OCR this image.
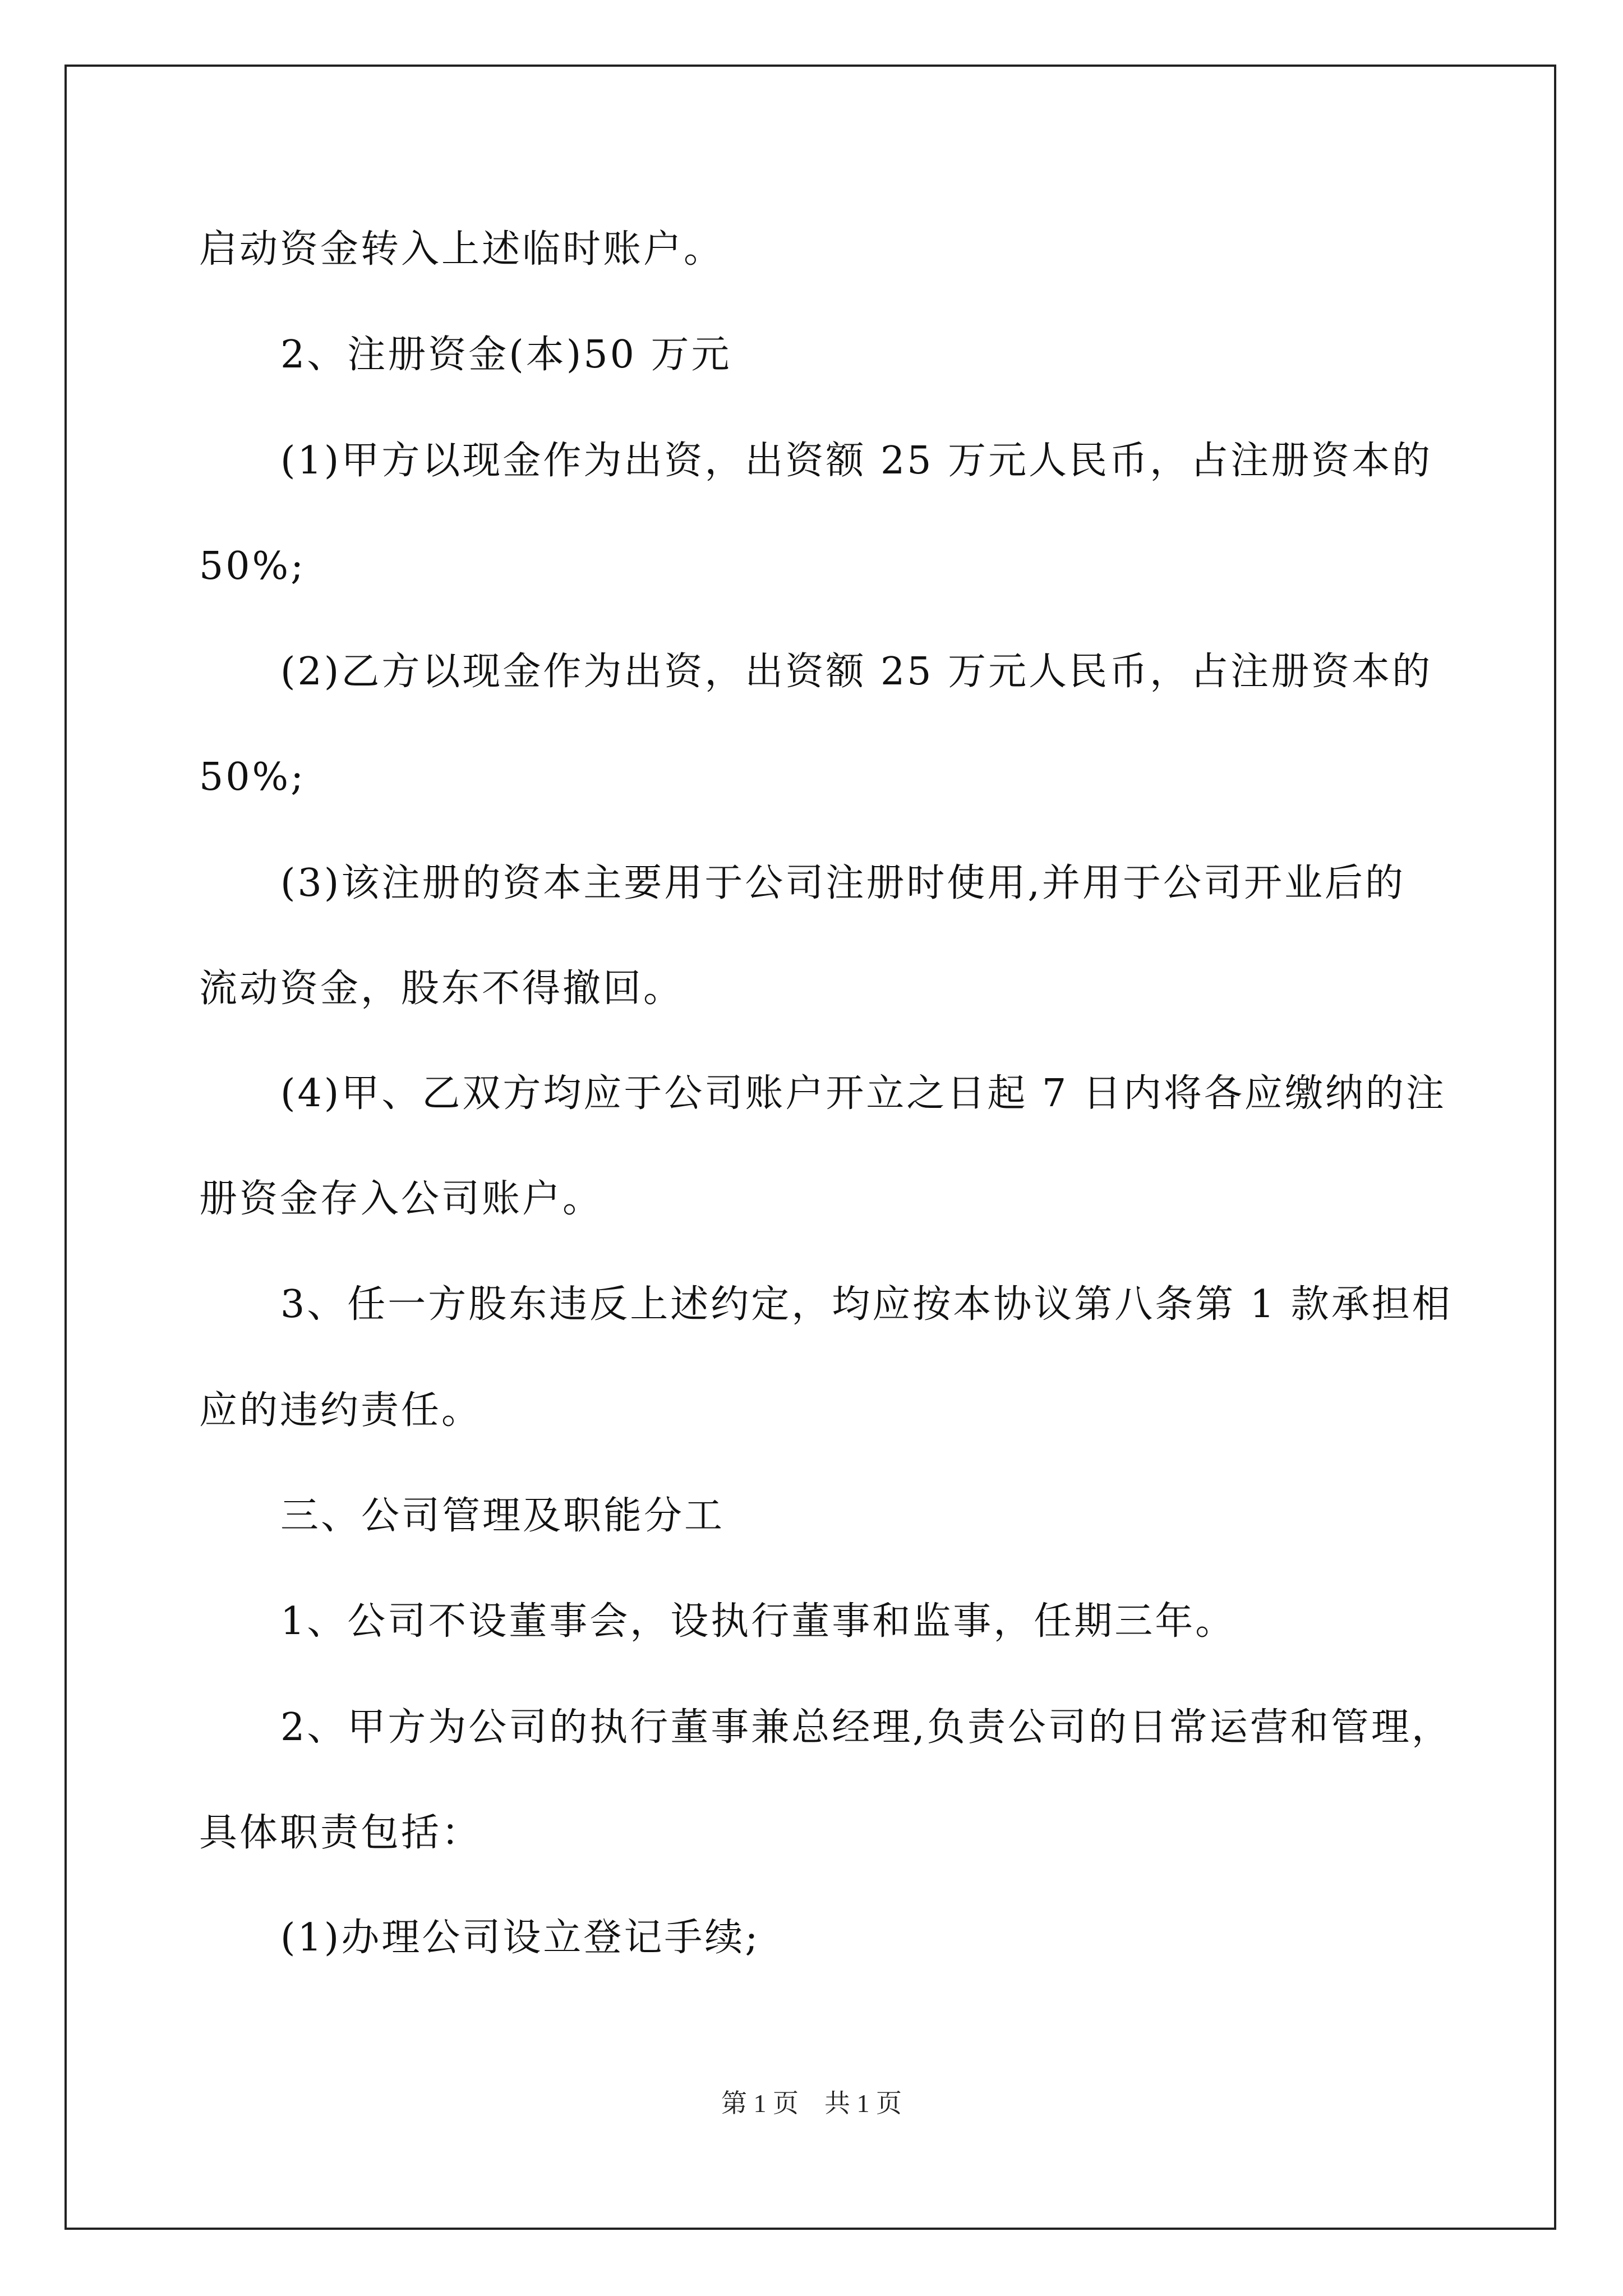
启动资金转入上述临时账户。
2、注册资金(本)50 万元
(1)甲方以现金作为出资，出资额 25 万元人民币，占注册资本的
50%;
(2)乙方以现金作为出资，出资额 25 万元人民币，占注册资本的
50%;
(3)该注册的资本主要用于公司注册时使用,并用于公司开业后的
流动资金，股东不得撤回。
(4)甲、乙双方均应于公司账户开立之日起 7 日内将各应缴纳的注
册资金存入公司账户。
3、任一方股东违反上述约定，均应按本协议第八条第 1 款承担相
应的违约责任。
三、公司管理及职能分工
1、公司不设董事会，设执行董事和监事，任期三年。
2、甲方为公司的执行董事兼总经理,负责公司的日常运营和管理，
具体职责包括：
(1)办理公司设立登记手续;
第 1 页　共 1 页
